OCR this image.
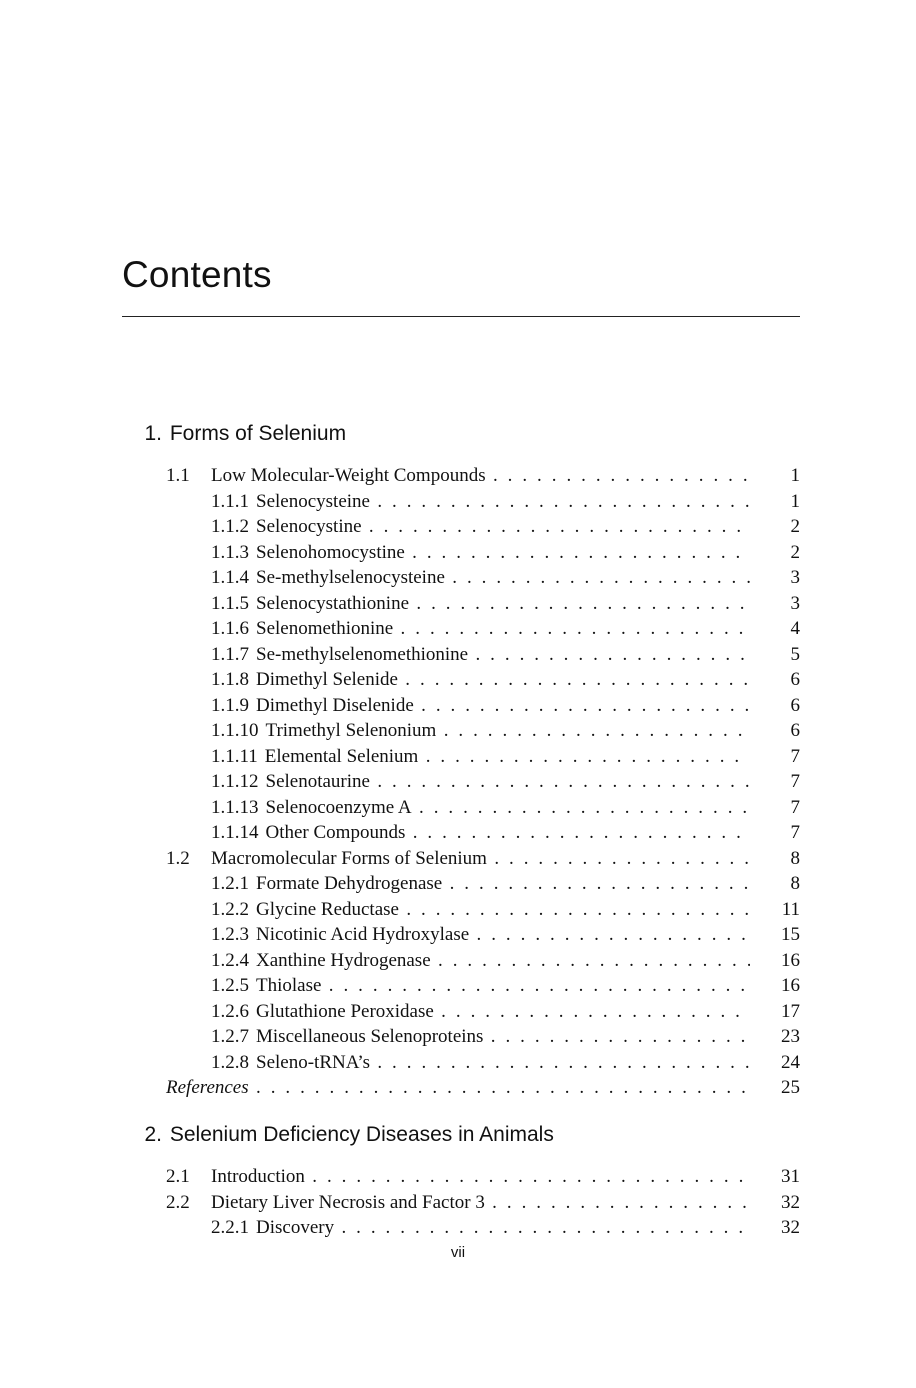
Contents
1. Forms of Selenium
1.1 Low Molecular-Weight Compounds . . .	1
1.1.1 Selenocysteine . . .	1
1.1.2 Selenocystine . . .	2
1.1.3 Selenohomocystine . . .	2
1.1.4 Se-methylselenocysteine . . .	3
1.1.5 Selenocystathionine . . .	3
1.1.6 Selenomethionine . . .	4
1.1.7 Se-methylselenomethionine . . .	5
1.1.8 Dimethyl Selenide . . .	6
1.1.9 Dimethyl Diselenide . . .	6
1.1.10 Trimethyl Selenonium . . .	6
1.1.11 Elemental Selenium . . .	7
1.1.12 Selenotaurine . . .	7
1.1.13 Selenocoenzyme A . . .	7
1.1.14 Other Compounds . . .	7
1.2 Macromolecular Forms of Selenium . . .	8
1.2.1 Formate Dehydrogenase . . .	8
1.2.2 Glycine Reductase . . .	11
1.2.3 Nicotinic Acid Hydroxylase . . .	15
1.2.4 Xanthine Hydrogenase . . .	16
1.2.5 Thiolase . . .	16
1.2.6 Glutathione Peroxidase . . .	17
1.2.7 Miscellaneous Selenoproteins . . .	23
1.2.8 Seleno-tRNA’s . . .	24
References . . .	25
2. Selenium Deficiency Diseases in Animals
2.1 Introduction . . .	31
2.2 Dietary Liver Necrosis and Factor 3 . . .	32
2.2.1 Discovery . . .	32
vii
